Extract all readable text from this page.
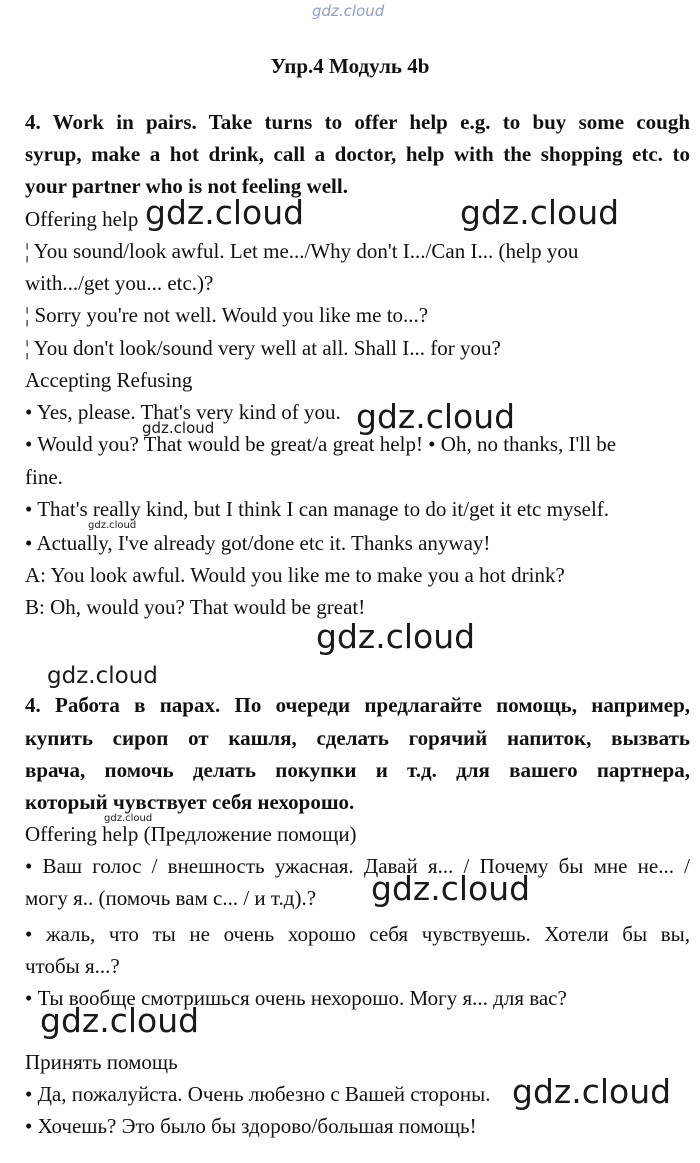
gdz.cloud
gdz.cloud	gdz.cloud
gdz.cloud
gdz.cloud
gdz.cloud
gdz.cloud
gdz.cloud
gdz.cloud
gdz.cloud
gdz.cloud
gdz.cloud
Упр.4 Модуль 4b
4. Work in pairs. Take turns to offer help e.g. to buy some cough
syrup, make a hot drink, call a doctor, help with the shopping etc. to
your partner who is not feeling well.
Offering help
¦ You sound/look awful. Let me.../Why don't I.../Can I... (help you
with.../get you... etc.)?
¦ Sorry you're not well. Would you like me to...?
¦ You don't look/sound very well at all. Shall I... for you?
Accepting Refusing
• Yes, please. That's very kind of you.
• Would you? That would be great/a great help! • Oh, no thanks, I'll be
fine.
• That's really kind, but I think I can manage to do it/get it etc myself.
• Actually, I've already got/done etc it. Thanks anyway!
A: You look awful. Would you like me to make you a hot drink?
B: Oh, would you? That would be great!
4. Работа в парах. По очереди предлагайте помощь, например,
купить сироп от кашля, сделать горячий напиток, вызвать
врача, помочь делать покупки и т.д. для вашего партнера,
который чувствует себя нехорошо.
Offering help (Предложение помощи)
• Ваш голос / внешность ужасная. Давай я... / Почему бы мне не... /
могу я.. (помочь вам с... / и т.д).?
• жаль, что ты не очень хорошо себя чувствуешь. Хотели бы вы,
чтобы я...?
• Ты вообще смотришься очень нехорошо. Могу я... для вас?
Принять помощь
• Да, пожалуйста. Очень любезно с Вашей стороны.
• Хочешь? Это было бы здорово/большая помощь!
